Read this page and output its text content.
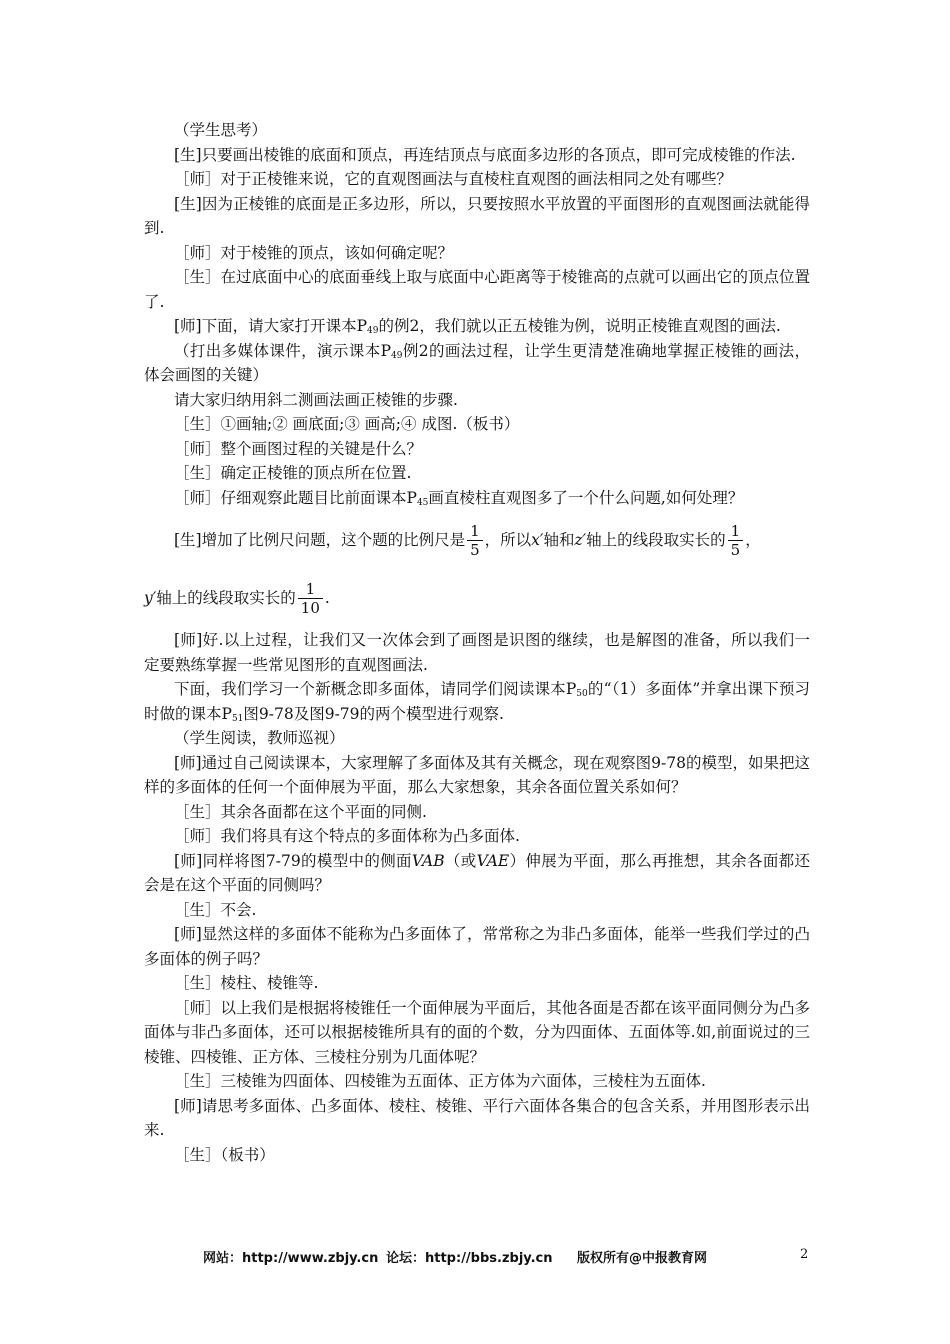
（学生思考）

[生]只要画出棱锥的底面和顶点，再连结顶点与底面多边形的各顶点，即可完成棱锥的作法.

［师］对于正棱锥来说，它的直观图画法与直棱柱直观图的画法相同之处有哪些？

[生]因为正棱锥的底面是正多边形，所以，只要按照水平放置的平面图形的直观图画法就能得到.

［师］对于棱锥的顶点，该如何确定呢？

［生］在过底面中心的底面垂线上取与底面中心距离等于棱锥高的点就可以画出它的顶点位置了.

[师]下面，请大家打开课本$P_{49}$的例2，我们就以正五棱锥为例，说明正棱锥直观图的画法.

（打出多媒体课件，演示课本$P_{49}$例2的画法过程，让学生更清楚准确地掌握正棱锥的画法，体会画图的关键）

请大家归纳用斜二测画法画正棱锥的步骤.

［生］①画轴;② 画底面;③ 画高;④ 成图.（板书）

［师］整个画图过程的关键是什么？

［生］确定正棱锥的顶点所在位置.

［师］仔细观察此题目比前面课本$P_{45}$画直棱柱直观图多了一个什么问题,如何处理？

[生]增加了比例尺问题，这个题的比例尺是 $\frac{1}{5}$ ，所以 x′ 轴和 z′ 轴上的线段取实长的 $\frac{1}{5}$ ，
y′ 轴上的线段取实长的 $\frac{1}{10}$ .

[师]好.以上过程，让我们又一次体会到了画图是识图的继续，也是解图的准备，所以我们一定要熟练掌握一些常见图形的直观图画法.

下面，我们学习一个新概念即多面体，请同学们阅读课本$P_{50}$的“（1）多面体”并拿出课下预习时做的课本$P_{51}$图9-78及图9-79的两个模型进行观察.

（学生阅读，教师巡视）

[师]通过自己阅读课本，大家理解了多面体及其有关概念，现在观察图9-78的模型，如果把这样的多面体的任何一个面伸展为平面，那么大家想象，其余各面位置关系如何？

［生］其余各面都在这个平面的同侧.

［师］我们将具有这个特点的多面体称为凸多面体.

[师]同样将图7-79的模型中的侧面VAB（或VAE）伸展为平面，那么再推想，其余各面都还会是在这个平面的同侧吗？

［生］不会.

[师]显然这样的多面体不能称为凸多面体了，常常称之为非凸多面体，能举一些我们学过的凸多面体的例子吗？

［生］棱柱、棱锥等.

［师］以上我们是根据将棱锥任一个面伸展为平面后，其他各面是否都在该平面同侧分为凸多面体与非凸多面体，还可以根据棱锥所具有的面的个数，分为四面体、五面体等.如,前面说过的三棱锥、四棱锥、正方体、三棱柱分别为几面体呢？

［生］三棱锥为四面体、四棱锥为五面体、正方体为六面体，三棱柱为五面体.

[师]请思考多面体、凸多面体、棱柱、棱锥、平行六面体各集合的包含关系，并用图形表示出来.

［生］（板书）

网站：http://www.zbjy.cn 论坛：http://bbs.zbjy.cn 版权所有@中报教育网	2
